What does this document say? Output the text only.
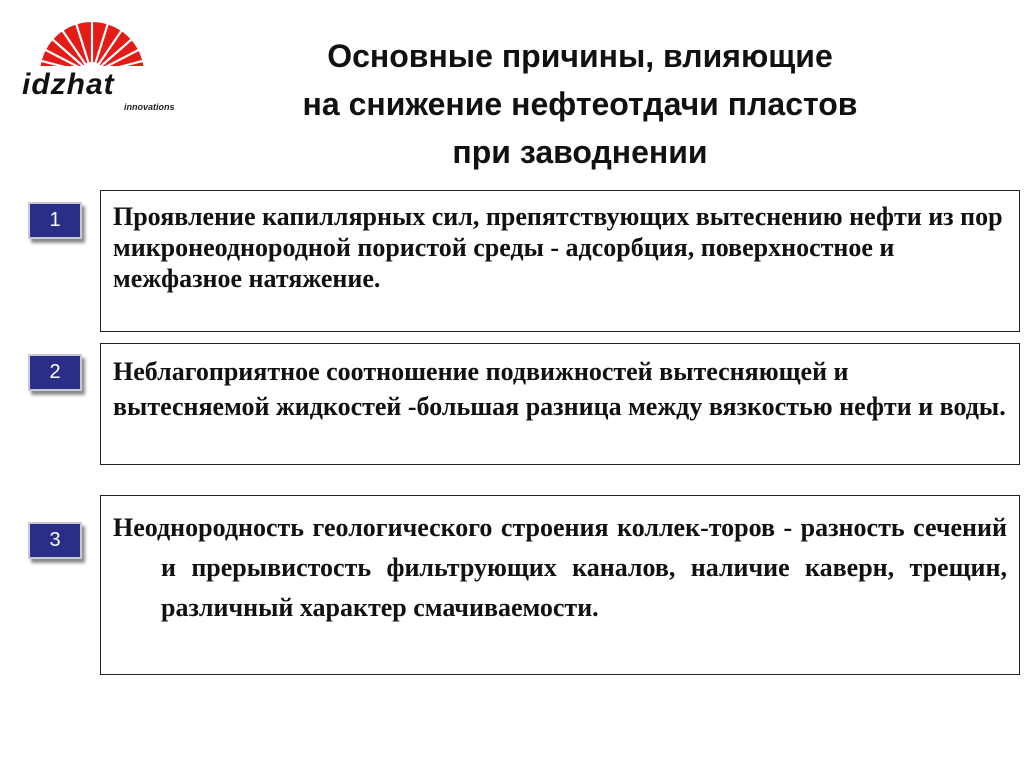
idzhat
innovations
Основные причины, влияющие
на снижение нефтеотдачи пластов
при заводнении
1	Проявление капиллярных сил, препятствующих вытеснению нефти из пор микронеоднородной пористой среды - адсорбция, поверхностное и межфазное натяжение.

2	Неблагоприятное соотношение подвижностей вытесняющей и вытесняемой жидкостей -большая разница между вязкостью нефти и воды.

3	Неоднородность геологического строения коллек-торов - разность сечений и прерывистость фильтрующих каналов, наличие каверн, трещин, различный характер смачиваемости.
